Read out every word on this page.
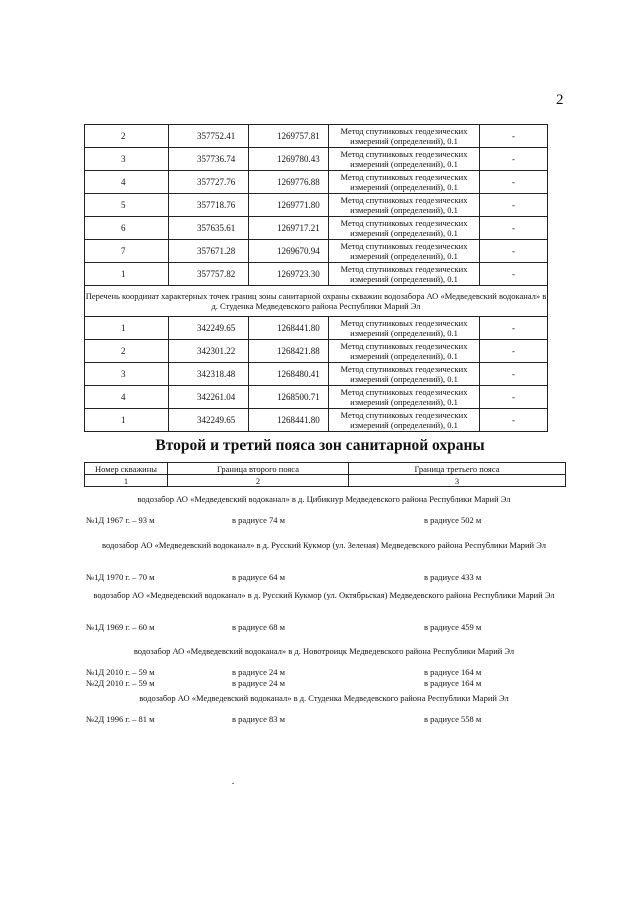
2
2	357752.41	1269757.81	Метод спутниковых геодезических измерений (определений), 0.1	-
3	357736.74	1269780.43	Метод спутниковых геодезических измерений (определений), 0.1	-
4	357727.76	1269776.88	Метод спутниковых геодезических измерений (определений), 0.1	-
5	357718.76	1269771.80	Метод спутниковых геодезических измерений (определений), 0.1	-
6	357635.61	1269717.21	Метод спутниковых геодезических измерений (определений), 0.1	-
7	357671.28	1269670.94	Метод спутниковых геодезических измерений (определений), 0.1	-
1	357757.82	1269723.30	Метод спутниковых геодезических измерений (определений), 0.1	-
Перечень координат характерных точек границ зоны санитарной охраны скважин водозабора АО «Медведевский водоканал» в д. Студенка Медведевского района Республики Марий Эл				
1	342249.65	1268441.80	Метод спутниковых геодезических измерений (определений), 0.1	-
2	342301.22	1268421.88	Метод спутниковых геодезических измерений (определений), 0.1	-
3	342318.48	1268480.41	Метод спутниковых геодезических измерений (определений), 0.1	-
4	342261.04	1268500.71	Метод спутниковых геодезических измерений (определений), 0.1	-
1	342249.65	1268441.80	Метод спутниковых геодезических измерений (определений), 0.1	-
Второй и третий пояса зон санитарной охраны
Номер скважины	Граница второго пояса	Граница третьего пояса
1	2	3
водозабор АО «Медведевский водоканал» в д. Цибикнур Медведевского района Республики Марий Эл
№1Д 1967 г. – 93 м	в радиусе 74 м	в радиусе 502 м
водозабор АО «Медведевский водоканал» в д. Русский Кукмор (ул. Зеленая) Медведевского района Республики Марий Эл
№1Д 1970 г. – 70 м	в радиусе 64 м	в радиусе 433 м
водозабор АО «Медведевский водоканал» в д. Русский Кукмор (ул. Октябрьская) Медведевского района Республики Марий Эл
№1Д 1969 г. – 60 м	в радиусе 68 м	в радиусе 459 м
водозабор АО «Медведевский водоканал» в д. Новотроицк Медведевского района Республики Марий Эл
№1Д 2010 г. – 59 м	в радиусе 24 м	в радиусе 164 м
№2Д 2010 г. – 59 м	в радиусе 24 м	в радиусе 164 м
водозабор АО «Медведевский водоканал» в д. Студенка Медведевского района Республики Марий Эл
№2Д 1996 г. – 81 м	в радиусе 83 м	в радиусе 558 м
